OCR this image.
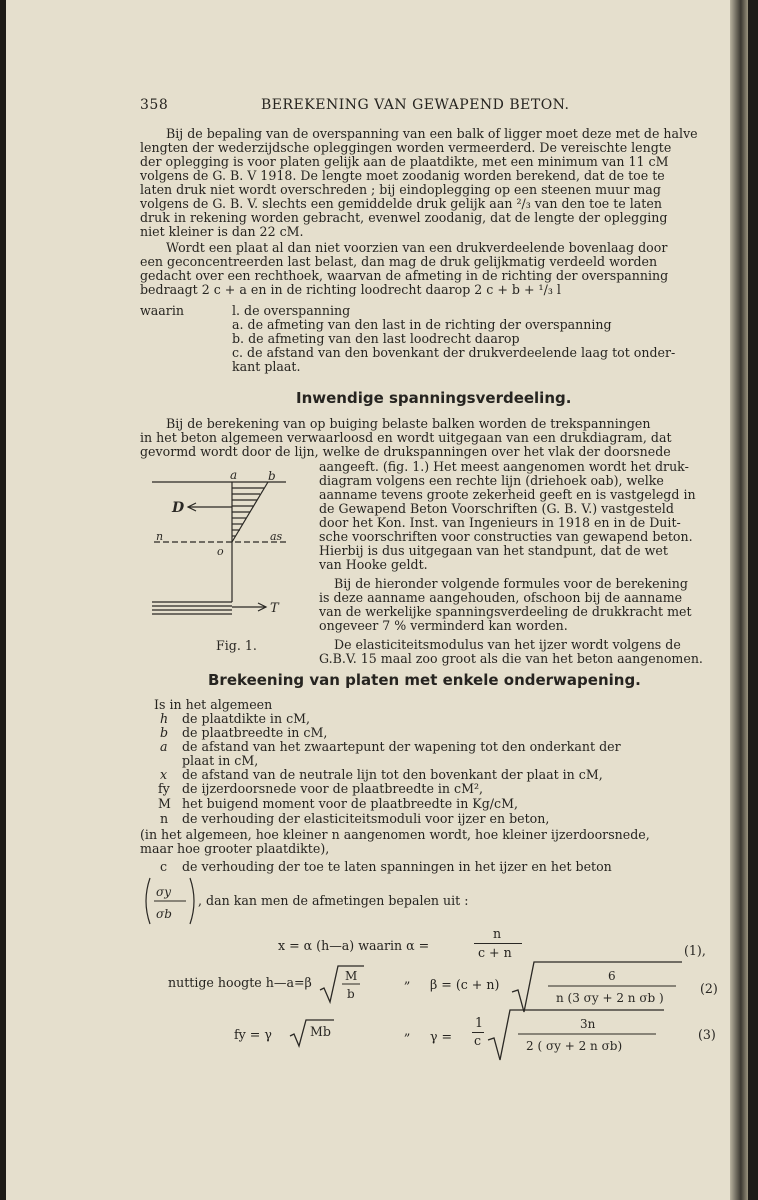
358	BEREKENING VAN GEWAPEND BETON.
Bij de bepaling van de overspanning van een balk of ligger moet deze met de halve
lengten der wederzijdsche opleggingen worden vermeerderd. De vereischte lengte
der oplegging is voor platen gelijk aan de plaatdikte, met een minimum van 11 cM
volgens de G. B. V 1918. De lengte moet zoodanig worden berekend, dat de toe te
laten druk niet wordt overschreden ; bij eindoplegging op een steenen muur mag
volgens de G. B. V. slechts een gemiddelde druk gelijk aan ²/₃ van den toe te laten
druk in rekening worden gebracht, evenwel zoodanig, dat de lengte der oplegging
niet kleiner is dan 22 cM.
Wordt een plaat al dan niet voorzien van een drukverdeelende bovenlaag door
een geconcentreerden last belast, dan mag de druk gelijkmatig verdeeld worden
gedacht over een rechthoek, waarvan de afmeting in de richting der overspanning
bedraagt 2 c + a en in de richting loodrecht daarop 2 c + b + ¹/₃ l
waarin	l. de overspanning
a. de afmeting van den last in de richting der overspanning
b. de afmeting van den last loodrecht daarop
c. de afstand van den bovenkant der drukverdeelende laag tot onder-
kant plaat.
Inwendige spanningsverdeeling.
Bij de berekening van op buiging belaste balken worden de trekspanningen
in het beton algemeen verwaarloosd en wordt uitgegaan van een drukdiagram, dat
gevormd wordt door de lijn, welke de drukspanningen over het vlak der doorsnede
aangeeft. (fig. 1.) Het meest aangenomen wordt het druk-
diagram volgens een rechte lijn (driehoek oab), welke
aanname tevens groote zekerheid geeft en is vastgelegd in
de Gewapend Beton Voorschriften (G. B. V.) vastgesteld
door het Kon. Inst. van Ingenieurs in 1918 en in de Duit-
sche voorschriften voor constructies van gewapend beton.
Hierbij is dus uitgegaan van het standpunt, dat de wet
van Hooke geldt.
Bij de hieronder volgende formules voor de berekening
is deze aanname aangehouden, ofschoon bij de aanname
van de werkelijke spanningsverdeeling de drukkracht met
ongeveer 7 % verminderd kan worden.
De elasticiteitsmodulus van het ijzer wordt volgens de
G.B.V. 15 maal zoo groot als die van het beton aangenomen.
a	b
D
n	as
o
T
Fig. 1.
Brekeening van platen met enkele onderwapening.
Is in het algemeen
h de plaatdikte in cM,
b de plaatbreedte in cM,
a de afstand van het zwaartepunt der wapening tot den onderkant der
plaat in cM,
x de afstand van de neutrale lijn tot den bovenkant der plaat in cM,
fy de ijzerdoorsnede voor de plaatbreedte in cM²,
M het buigend moment voor de plaatbreedte in Kg/cM,
n de verhouding der elasticiteitsmoduli voor ijzer en beton,
(in het algemeen, hoe kleiner n aangenomen wordt, hoe kleiner ijzerdoorsnede,
maar hoe grooter plaatdikte),
c de verhouding der toe te laten spanningen in het ijzer en het beton
σy
σb
, dan kan men de afmetingen bepalen uit :
x = α (h—a) waarin α =
n
c + n	(1),
nuttige hoogte h—a=β	M
b
„ β = (c + n)
6
n (3 σy + 2 n σb )
(2)
fy = γ	Mb	„ γ =
1
c
3n
2 ( σy + 2 n σb)
(3)
